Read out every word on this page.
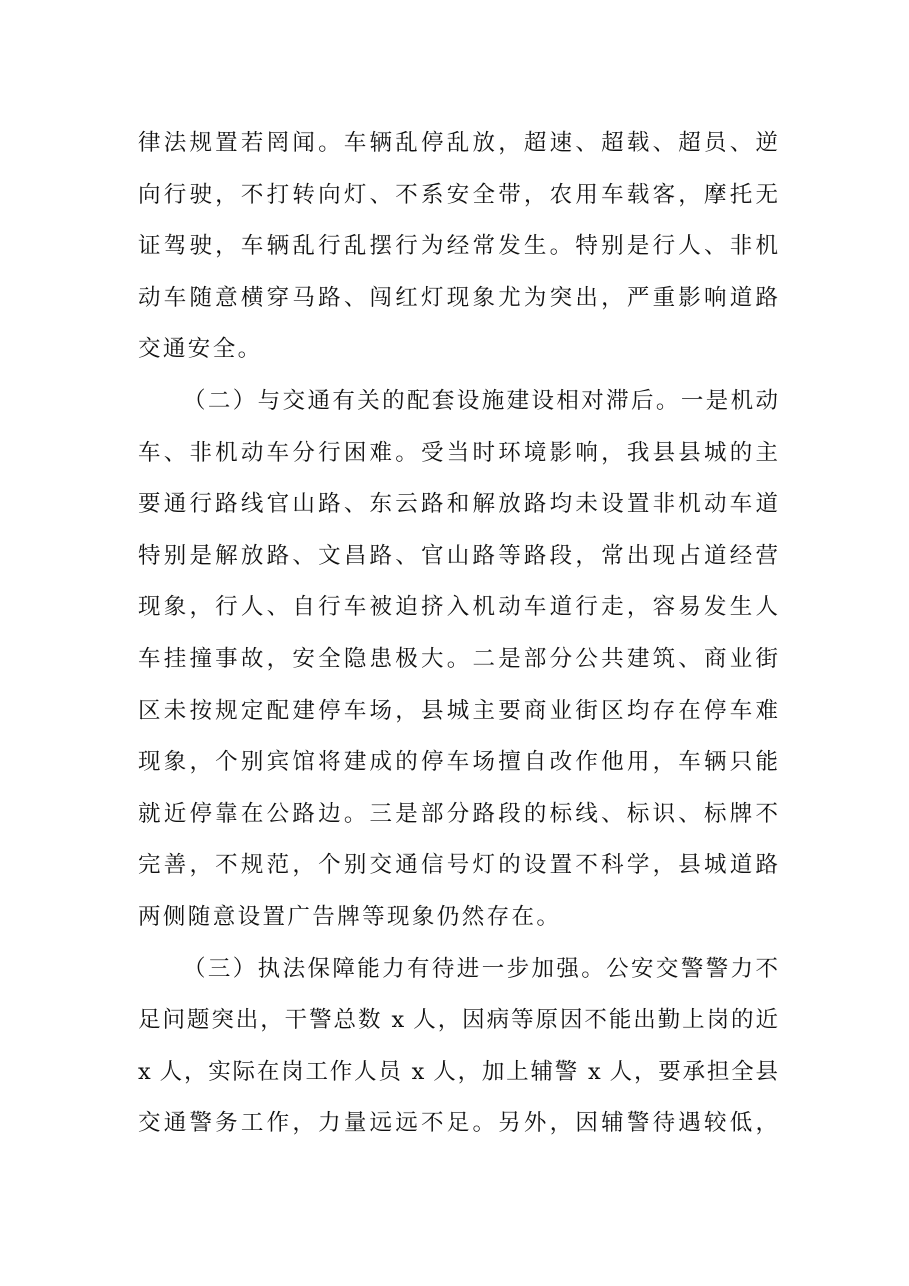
律法规置若罔闻。车辆乱停乱放，超速、超载、超员、逆
向行驶，不打转向灯、不系安全带，农用车载客，摩托无
证驾驶，车辆乱行乱摆行为经常发生。特别是行人、非机
动车随意横穿马路、闯红灯现象尤为突出，严重影响道路
交通安全。
（二）与交通有关的配套设施建设相对滞后。一是机动
车、非机动车分行困难。受当时环境影响，我县县城的主
要通行路线官山路、东云路和解放路均未设置非机动车道
特别是解放路、文昌路、官山路等路段，常出现占道经营
现象，行人、自行车被迫挤入机动车道行走，容易发生人
车挂撞事故，安全隐患极大。二是部分公共建筑、商业街
区未按规定配建停车场，县城主要商业街区均存在停车难
现象，个别宾馆将建成的停车场擅自改作他用，车辆只能
就近停靠在公路边。三是部分路段的标线、标识、标牌不
完善，不规范，个别交通信号灯的设置不科学，县城道路
两侧随意设置广告牌等现象仍然存在。
（三）执法保障能力有待进一步加强。公安交警警力不
足问题突出，干警总数 x 人，因病等原因不能出勤上岗的近
x 人，实际在岗工作人员 x 人，加上辅警 x 人，要承担全县
交通警务工作，力量远远不足。另外，因辅警待遇较低，
